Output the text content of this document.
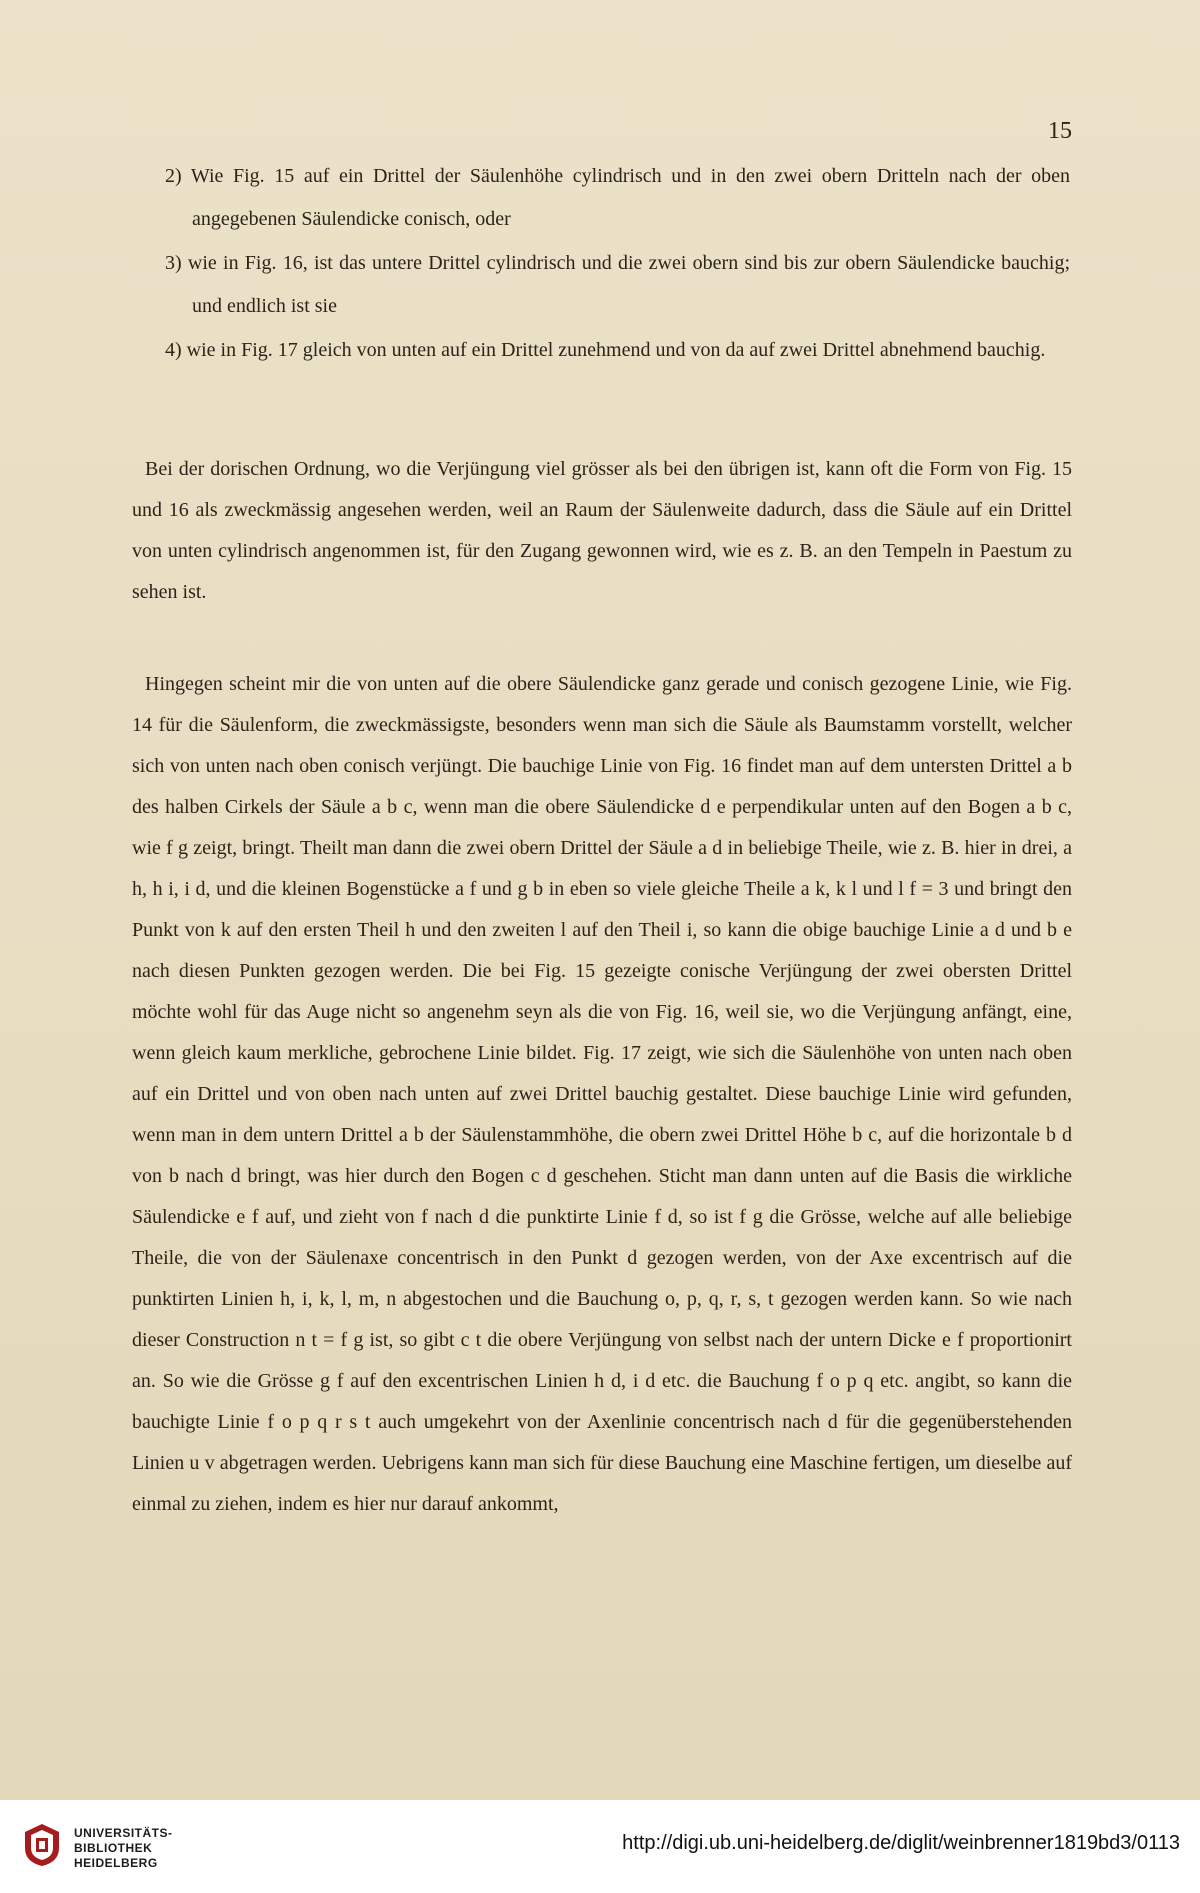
15
2) Wie Fig. 15 auf ein Drittel der Säulenhöhe cylindrisch und in den zwei obern Dritteln nach der oben angegebenen Säulendicke conisch, oder
3) wie in Fig. 16, ist das untere Drittel cylindrisch und die zwei obern sind bis zur obern Säulendicke bauchig; und endlich ist sie
4) wie in Fig. 17 gleich von unten auf ein Drittel zunehmend und von da auf zwei Drittel abnehmend bauchig.
Bei der dorischen Ordnung, wo die Verjüngung viel grösser als bei den übrigen ist, kann oft die Form von Fig. 15 und 16 als zweckmässig angesehen werden, weil an Raum der Säulenweite dadurch, dass die Säule auf ein Drittel von unten cylindrisch angenommen ist, für den Zugang gewonnen wird, wie es z. B. an den Tempeln in Paestum zu sehen ist.
Hingegen scheint mir die von unten auf die obere Säulendicke ganz gerade und conisch gezogene Linie, wie Fig. 14 für die Säulenform, die zweckmässigste, besonders wenn man sich die Säule als Baumstamm vorstellt, welcher sich von unten nach oben conisch verjüngt. Die bauchige Linie von Fig. 16 findet man auf dem untersten Drittel a b des halben Cirkels der Säule a b c, wenn man die obere Säulendicke d e perpendikular unten auf den Bogen a b c, wie f g zeigt, bringt. Theilt man dann die zwei obern Drittel der Säule a d in beliebige Theile, wie z. B. hier in drei, a h, h i, i d, und die kleinen Bogenstücke a f und g b in eben so viele gleiche Theile a k, k l und l f = 3 und bringt den Punkt von k auf den ersten Theil h und den zweiten l auf den Theil i, so kann die obige bauchige Linie a d und b e nach diesen Punkten gezogen werden. Die bei Fig. 15 gezeigte conische Verjüngung der zwei obersten Drittel möchte wohl für das Auge nicht so angenehm seyn als die von Fig. 16, weil sie, wo die Verjüngung anfängt, eine, wenn gleich kaum merkliche, gebrochene Linie bildet. Fig. 17 zeigt, wie sich die Säulenhöhe von unten nach oben auf ein Drittel und von oben nach unten auf zwei Drittel bauchig gestaltet. Diese bauchige Linie wird gefunden, wenn man in dem untern Drittel a b der Säulenstammhöhe, die obern zwei Drittel Höhe b c, auf die horizontale b d von b nach d bringt, was hier durch den Bogen c d geschehen. Sticht man dann unten auf die Basis die wirkliche Säulendicke e f auf, und zieht von f nach d die punktirte Linie f d, so ist f g die Grösse, welche auf alle beliebige Theile, die von der Säulenaxe concentrisch in den Punkt d gezogen werden, von der Axe excentrisch auf die punktirten Linien h, i, k, l, m, n abgestochen und die Bauchung o, p, q, r, s, t gezogen werden kann. So wie nach dieser Construction n t = f g ist, so gibt c t die obere Verjüngung von selbst nach der untern Dicke e f proportionirt an. So wie die Grösse g f auf den excentrischen Linien h d, i d etc. die Bauchung f o p q etc. angibt, so kann die bauchigte Linie f o p q r s t auch umgekehrt von der Axenlinie concentrisch nach d für die gegenüberstehenden Linien u v abgetragen werden. Uebrigens kann man sich für diese Bauchung eine Maschine fertigen, um dieselbe auf einmal zu ziehen, indem es hier nur darauf ankommt,
UNIVERSITÄTS-
BIBLIOTHEK
HEIDELBERG
http://digi.ub.uni-heidelberg.de/diglit/weinbrenner1819bd3/0113
